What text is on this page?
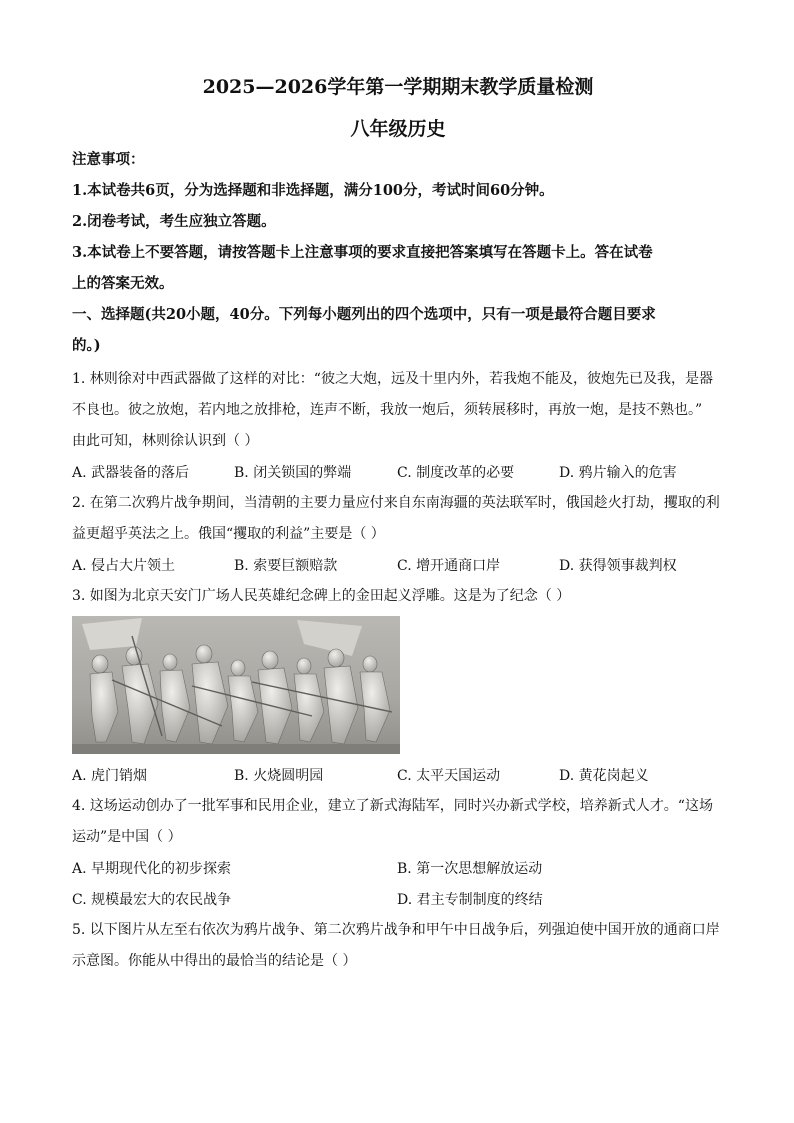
2025—2026学年第一学期期末教学质量检测
八年级历史
注意事项：
1.本试卷共6页，分为选择题和非选择题，满分100分，考试时间60分钟。
2.闭卷考试，考生应独立答题。
3.本试卷上不要答题，请按答题卡上注意事项的要求直接把答案填写在答题卡上。答在试卷
上的答案无效。
一、选择题(共20小题，40分。下列每小题列出的四个选项中，只有一项是最符合题目要求
的。)
1. 林则徐对中西武器做了这样的对比：“彼之大炮，远及十里内外，若我炮不能及，彼炮先已及我，是器
不良也。彼之放炮，若内地之放排枪，连声不断，我放一炮后，须转展移时，再放一炮，是技不熟也。”
由此可知，林则徐认识到（ ）
A. 武器装备的落后	B. 闭关锁国的弊端	C. 制度改革的必要	D. 鸦片输入的危害
2. 在第二次鸦片战争期间，当清朝的主要力量应付来自东南海疆的英法联军时，俄国趁火打劫，攫取的利
益更超乎英法之上。俄国“攫取的利益”主要是（ ）
A. 侵占大片领土	B. 索要巨额赔款	C. 增开通商口岸	D. 获得领事裁判权
3. 如图为北京天安门广场人民英雄纪念碑上的金田起义浮雕。这是为了纪念（ ）
A. 虎门销烟	B. 火烧圆明园	C. 太平天国运动	D. 黄花岗起义
4. 这场运动创办了一批军事和民用企业，建立了新式海陆军，同时兴办新式学校，培养新式人才。“这场
运动”是中国（ ）
A. 早期现代化的初步探索	B. 第一次思想解放运动
C. 规模最宏大的农民战争	D. 君主专制制度的终结
5. 以下图片从左至右依次为鸦片战争、第二次鸦片战争和甲午中日战争后，列强迫使中国开放的通商口岸
示意图。你能从中得出的最恰当的结论是（ ）
